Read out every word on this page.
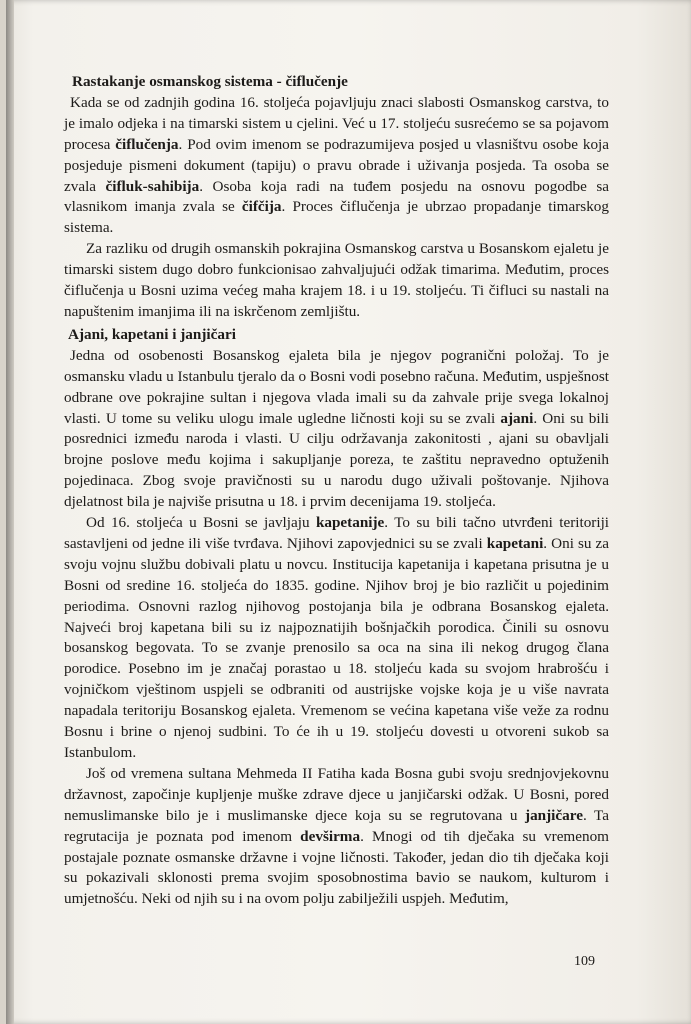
Rastakanje osmanskog sistema - čiflučenje

Kada se od zadnjih godina 16. stoljeća pojavljuju znaci slabosti Osmanskog carstva, to je imalo odjeka i na timarski sistem u cjelini. Već u 17. stoljeću susrećemo se sa pojavom procesa čiflučenja. Pod ovim imenom se podrazumijeva posjed u vlasništvu osobe koja posjeduje pismeni dokument (tapiju) o pravu obrade i uživanja posjeda. Ta osoba se zvala čifluk-sahibija. Osoba koja radi na tuđem posjedu na osnovu pogodbe sa vlasnikom imanja zvala se čifčija. Proces čiflučenja je ubrzao propadanje timarskog sistema.

Za razliku od drugih osmanskih pokrajina Osmanskog carstva u Bosanskom ejaletu je timarski sistem dugo dobro funkcionisao zahvaljujući odžak timarima. Međutim, proces čiflučenja u Bosni uzima većeg maha krajem 18. i u 19. stoljeću. Ti čifluci su nastali na napuštenim imanjima ili na iskrčenom zemljištu.

Ajani, kapetani i janjičari

Jedna od osobenosti Bosanskog ejaleta bila je njegov pogranični položaj. To je osmansku vladu u Istanbulu tjeralo da o Bosni vodi posebno računa. Međutim, uspješnost odbrane ove pokrajine sultan i njegova vlada imali su da zahvale prije svega lokalnoj vlasti. U tome su veliku ulogu imale ugledne ličnosti koji su se zvali ajani. Oni su bili posrednici između naroda i vlasti. U cilju održavanja zakonitosti , ajani su obavljali brojne poslove među kojima i sakupljanje poreza, te zaštitu nepravedno optuženih pojedinaca. Zbog svoje pravičnosti su u narodu dugo uživali poštovanje. Njihova djelatnost bila je najviše prisutna u 18. i prvim decenijama 19. stoljeća.

Od 16. stoljeća u Bosni se javljaju kapetanije. To su bili tačno utvrđeni teritoriji sastavljeni od jedne ili više tvrđava. Njihovi zapovjednici su se zvali kapetani. Oni su za svoju vojnu službu dobivali platu u novcu. Institucija kapetanija i kapetana prisutna je u Bosni od sredine 16. stoljeća do 1835. godine. Njihov broj je bio različit u pojedinim periodima. Osnovni razlog njihovog postojanja bila je odbrana Bosanskog ejaleta. Najveći broj kapetana bili su iz najpoznatijih bošnjačkih porodica. Činili su osnovu bosanskog begovata. To se zvanje prenosilo sa oca na sina ili nekog drugog člana porodice. Posebno im je značaj porastao u 18. stoljeću kada su svojom hrabrošću i vojničkom vještinom uspjeli se odbraniti od austrijske vojske koja je u više navrata napadala teritoriju Bosanskog ejaleta. Vremenom se većina kapetana više veže za rodnu Bosnu i brine o njenoj sudbini. To će ih u 19. stoljeću dovesti u otvoreni sukob sa Istanbulom.

Još od vremena sultana Mehmeda II Fatiha kada Bosna gubi svoju srednjovjekovnu državnost, započinje kupljenje muške zdrave djece u janjičarski odžak. U Bosni, pored nemuslimanske bilo je i muslimanske djece koja su se regrutovana u janjičare. Ta regrutacija je poznata pod imenom devširma. Mnogi od tih dječaka su vremenom postajale poznate osmanske državne i vojne ličnosti. Također, jedan dio tih dječaka koji su pokazivali sklonosti prema svojim sposobnostima bavio se naukom, kulturom i umjetnošću. Neki od njih su i na ovom polju zabilježili uspjeh. Međutim,

109
